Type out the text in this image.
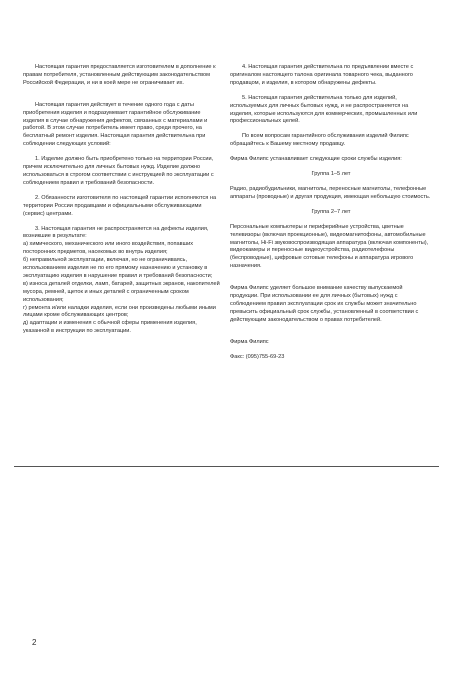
Настоящая гарантия предоставляется изготовителем в дополнение к правам потребителя, установленным действующим законодательством Российской Федерации, и ни в коей мере не ограничивает их.

Настоящая гарантия действует в течение одного года с даты приобретения изделия и подразумевает гарантийное обслуживание изделия в случае обнаружения дефектов, связанных с материалами и работой. В этом случае потребитель имеет право, среди прочего, на бесплатный ремонт изделия. Настоящая гарантия действительна при соблюдении следующих условий:

1. Изделие должно быть приобретено только на территории России, причем исключительно для личных бытовых нужд. Изделие должно использоваться в строгом соответствии с инструкцией по эксплуатации с соблюдением правил и требований безопасности.

2. Обязанности изготовителя по настоящей гарантии исполняются на территории России продавцами и официальными обслуживающими (сервис) центрами.

3. Настоящая гарантия не распространяется на дефекты изделия, возникшие в результате:

а) химического, механического или иного воздействия, попавших посторонних предметов, насекомых во внутрь изделия;

б) неправильной эксплуатации, включая, но не ограничиваясь, использованием изделия не по его прямому назначению и установку в эксплуатацию изделия в нарушение правил и требований безопасности;

в) износа деталей отделки, ламп, батарей, защитных экранов, накопителей мусора, ремней, щеток и иных деталей с ограниченным сроком использования;

г) ремонта и/или наладки изделия, если они произведены любыми иными лицами кроме обслуживающих центров;

д) адаптации и изменения с обычной сферы применения изделия, указанной в инструкции по эксплуатации.

4. Настоящая гарантия действительна по предъявлении вместе с оригиналом настоящего талона оригинала товарного чека, выданного продавцом, и изделия, в котором обнаружены дефекты.

5. Настоящая гарантия действительна только для изделий, используемых для личных бытовых нужд, и не распространяется на изделия, которые используются для коммерческих, промышленных или профессиональных целей.

По всем вопросам гарантийного обслуживания изделий Филипс обращайтесь к Вашему местному продавцу.

Фирма Филипс устанавливает следующие сроки службы изделия:

Группа 1–5 лет

Радио, радиобудильники, магнитолы, переносные магнитолы, телефонные аппараты (проводные) и другая продукция, имеющая небольшую стоимость.

Группа 2–7 лет

Персональные компьютеры и периферийные устройства, цветные телевизоры (включая проекционные), видеомагнитофоны, автомобильные магнитолы, Hi-Fi звуковоспроизводящая аппаратура (включая компоненты), видеокамеры и переносные видеоустройства, радиотелефоны (беспроводные), цифровые сотовые телефоны и аппаратура игрового назначения.

Фирма Филипс уделяет большое внимание качеству выпускаемой продукции. При использовании ее для личных (бытовых) нужд с соблюдением правил эксплуатации срок их службы может значительно превысить официальный срок службы, установленный в соответствии с действующим законодательством о правах потребителей.

Фирма Филипс

Факс: (095)755-69-23

2
